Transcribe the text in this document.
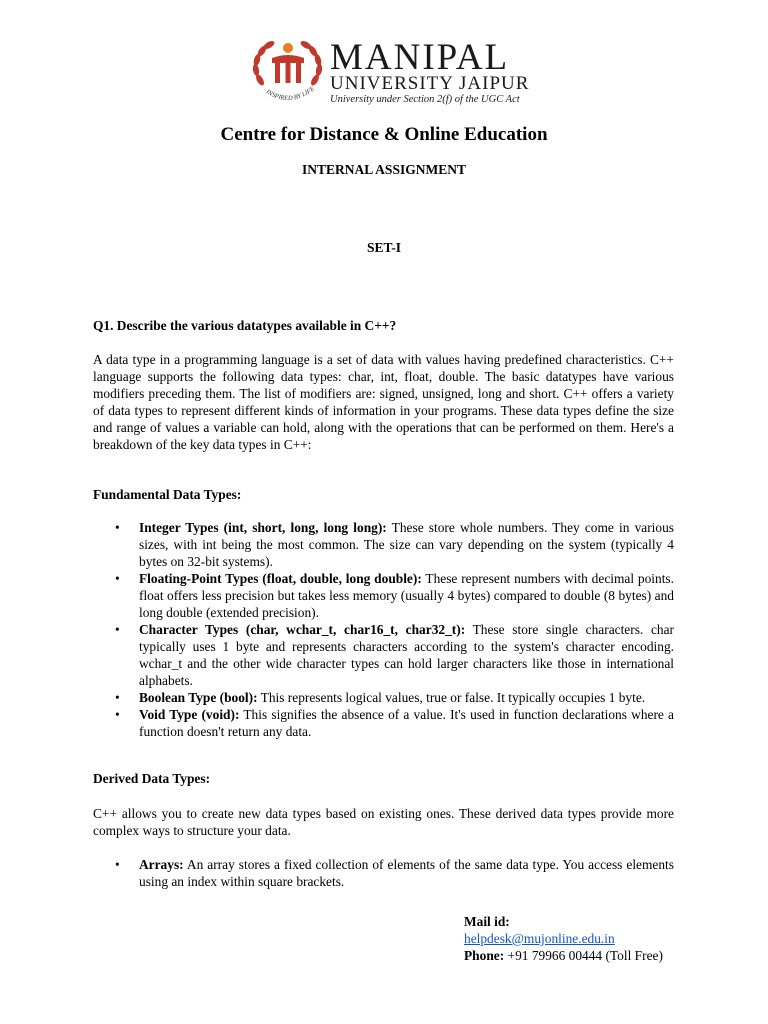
INSPIRED BY LIFE
MANIPAL
UNIVERSITY JAIPUR
University under Section 2(f) of the UGC Act
Centre for Distance & Online Education
INTERNAL ASSIGNMENT
SET-I
Q1. Describe the various datatypes available in C++?
A data type in a programming language is a set of data with values having predefined characteristics. C++ language supports the following data types: char, int, float, double. The basic datatypes have various modifiers preceding them. The list of modifiers are: signed, unsigned, long and short. C++ offers a variety of data types to represent different kinds of information in your programs. These data types define the size and range of values a variable can hold, along with the operations that can be performed on them. Here's a breakdown of the key data types in C++:
Fundamental Data Types:
• Integer Types (int, short, long, long long): These store whole numbers. They come in various sizes, with int being the most common. The size can vary depending on the system (typically 4 bytes on 32-bit systems).
• Floating-Point Types (float, double, long double): These represent numbers with decimal points. float offers less precision but takes less memory (usually 4 bytes) compared to double (8 bytes) and long double (extended precision).
• Character Types (char, wchar_t, char16_t, char32_t): These store single characters. char typically uses 1 byte and represents characters according to the system's character encoding. wchar_t and the other wide character types can hold larger characters like those in international alphabets.
• Boolean Type (bool): This represents logical values, true or false. It typically occupies 1 byte.
• Void Type (void): This signifies the absence of a value. It's used in function declarations where a function doesn't return any data.
Derived Data Types:
C++ allows you to create new data types based on existing ones. These derived data types provide more complex ways to structure your data.
• Arrays: An array stores a fixed collection of elements of the same data type. You access elements using an index within square brackets.
Mail id:
helpdesk@mujonline.edu.in
Phone: +91 79966 00444 (Toll Free)
